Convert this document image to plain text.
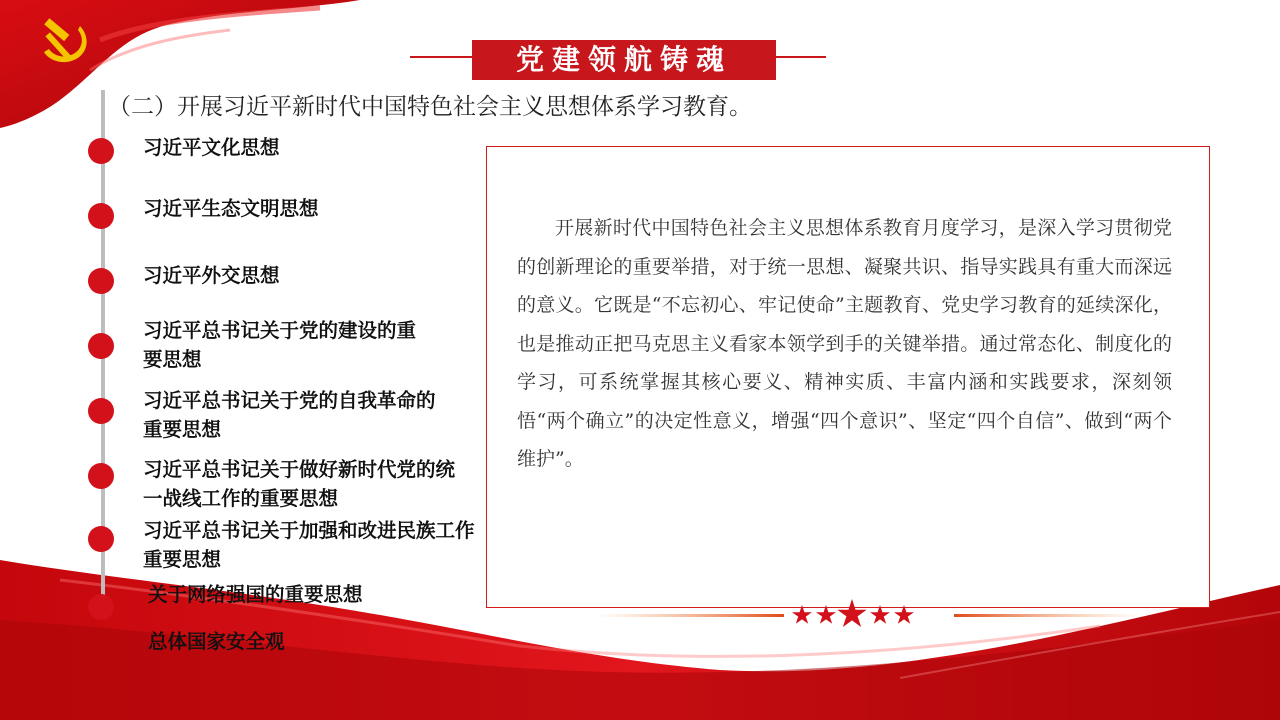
党建领航铸魂
（二）开展习近平新时代中国特色社会主义思想体系学习教育。
习近平文化思想
习近平生态文明思想
习近平外交思想
习近平总书记关于党的建设的重要思想
习近平总书记关于党的自我革命的重要思想
习近平总书记关于做好新时代党的统一战线工作的重要思想
习近平总书记关于加强和改进民族工作重要思想
关于网络强国的重要思想
总体国家安全观

开展新时代中国特色社会主义思想体系教育月度学习，是深入学习贯彻党的创新理论的重要举措，对于统一思想、凝聚共识、指导实践具有重大而深远的意义。它既是“不忘初心、牢记使命”主题教育、党史学习教育的延续深化，也是推动正把马克思主义看家本领学到手的关键举措。通过常态化、制度化的学习，可系统掌握其核心要义、精神实质、丰富内涵和实践要求，深刻领悟“两个确立”的决定性意义，增强“四个意识”、坚定“四个自信”、做到“两个维护”。
